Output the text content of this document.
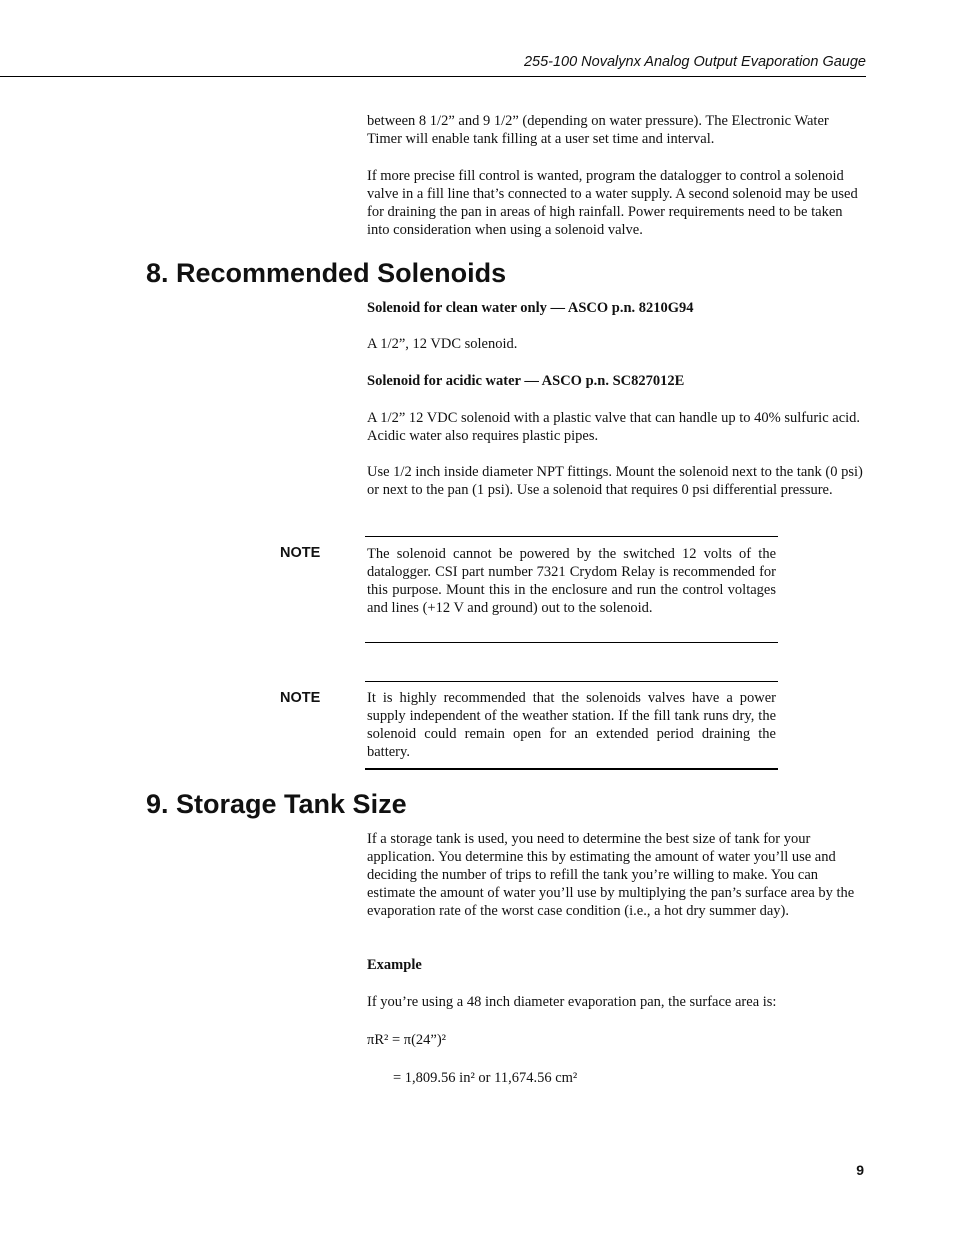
255-100 Novalynx Analog Output Evaporation Gauge

between 8 1/2” and 9 1/2” (depending on water pressure). The Electronic Water Timer will enable tank filling at a user set time and interval.

If more precise fill control is wanted, program the datalogger to control a solenoid valve in a fill line that’s connected to a water supply. A second solenoid may be used for draining the pan in areas of high rainfall. Power requirements need to be taken into consideration when using a solenoid valve.

8. Recommended Solenoids

Solenoid for clean water only — ASCO p.n. 8210G94

A 1/2”, 12 VDC solenoid.

Solenoid for acidic water — ASCO p.n. SC827012E

A 1/2” 12 VDC solenoid with a plastic valve that can handle up to 40% sulfuric acid. Acidic water also requires plastic pipes.

Use 1/2 inch inside diameter NPT fittings. Mount the solenoid next to the tank (0 psi) or next to the pan (1 psi). Use a solenoid that requires 0 psi differential pressure.

NOTE	The solenoid cannot be powered by the switched 12 volts of the datalogger. CSI part number 7321 Crydom Relay is recommended for this purpose. Mount this in the enclosure and run the control voltages and lines (+12 V and ground) out to the solenoid.

NOTE	It is highly recommended that the solenoids valves have a power supply independent of the weather station. If the fill tank runs dry, the solenoid could remain open for an extended period draining the battery.

9. Storage Tank Size

If a storage tank is used, you need to determine the best size of tank for your application. You determine this by estimating the amount of water you’ll use and deciding the number of trips to refill the tank you’re willing to make. You can estimate the amount of water you’ll use by multiplying the pan’s surface area by the evaporation rate of the worst case condition (i.e., a hot dry summer day).

Example

If you’re using a 48 inch diameter evaporation pan, the surface area is:

πR² = π(24”)²

= 1,809.56 in² or 11,674.56 cm²

9
